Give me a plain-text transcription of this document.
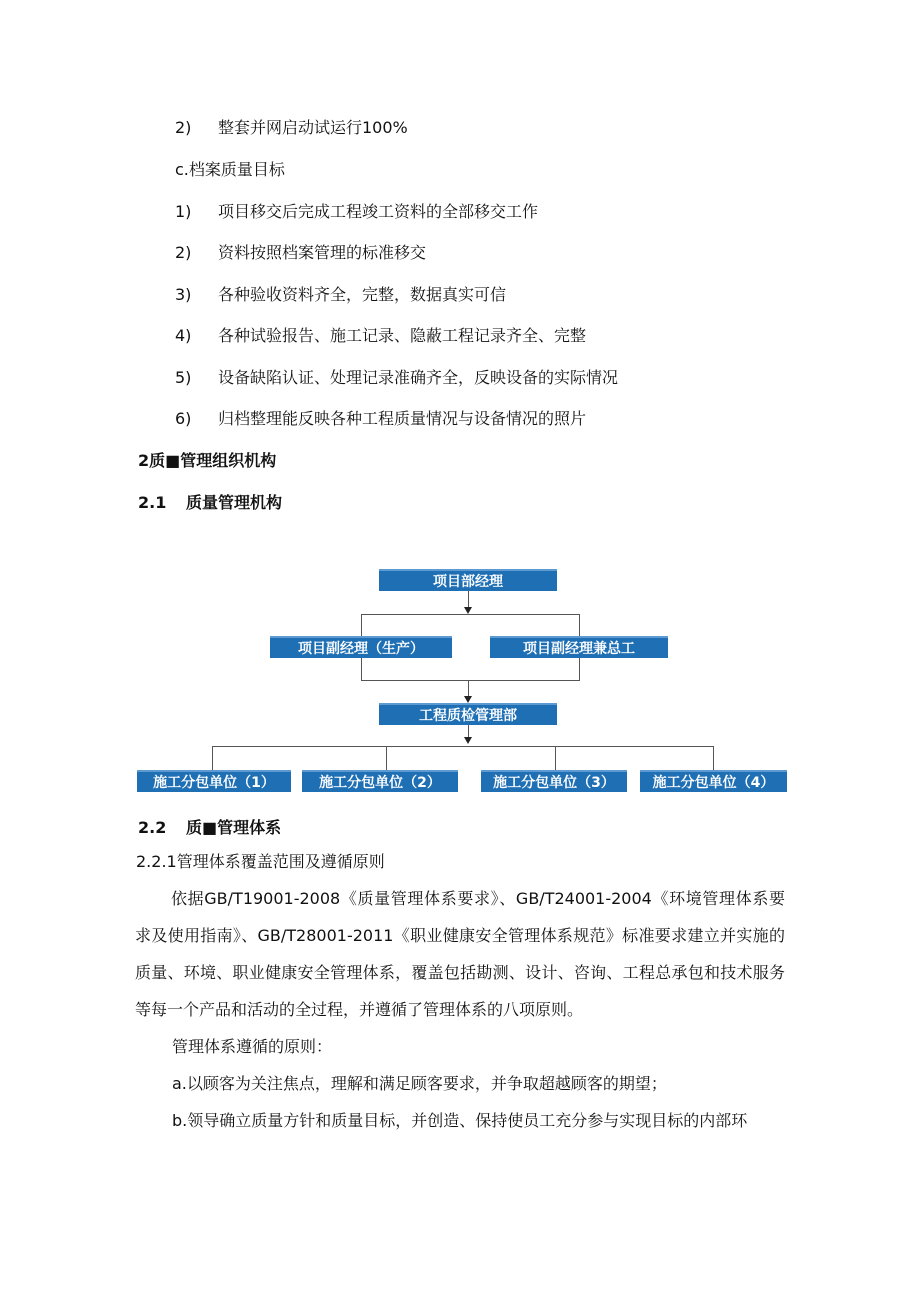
2) 整套并网启动试运行100%
c.档案质量目标
1) 项目移交后完成工程竣工资料的全部移交工作
2) 资料按照档案管理的标准移交
3) 各种验收资料齐全，完整，数据真实可信
4) 各种试验报告、施工记录、隐蔽工程记录齐全、完整
5) 设备缺陷认证、处理记录准确齐全，反映设备的实际情况
6) 归档整理能反映各种工程质量情况与设备情况的照片
2质■管理组织机构
2.1 质量管理机构
项目部经理
项目副经理（生产）	项目副经理兼总工
工程质检管理部
施工分包单位（1）	施工分包单位（2）	施工分包单位（3）	施工分包单位（4）
2.2 质■管理体系
2.2.1管理体系覆盖范围及遵循原则
依据GB/T19001-2008《质量管理体系要求》、GB/T24001-2004《环境管理体系要求及使用指南》、GB/T28001-2011《职业健康安全管理体系规范》标准要求建立并实施的质量、环境、职业健康安全管理体系，覆盖包括勘测、设计、咨询、工程总承包和技术服务等每一个产品和活动的全过程，并遵循了管理体系的八项原则。
管理体系遵循的原则：
a.以顾客为关注焦点，理解和满足顾客要求，并争取超越顾客的期望；
b.领导确立质量方针和质量目标，并创造、保持使员工充分参与实现目标的内部环
